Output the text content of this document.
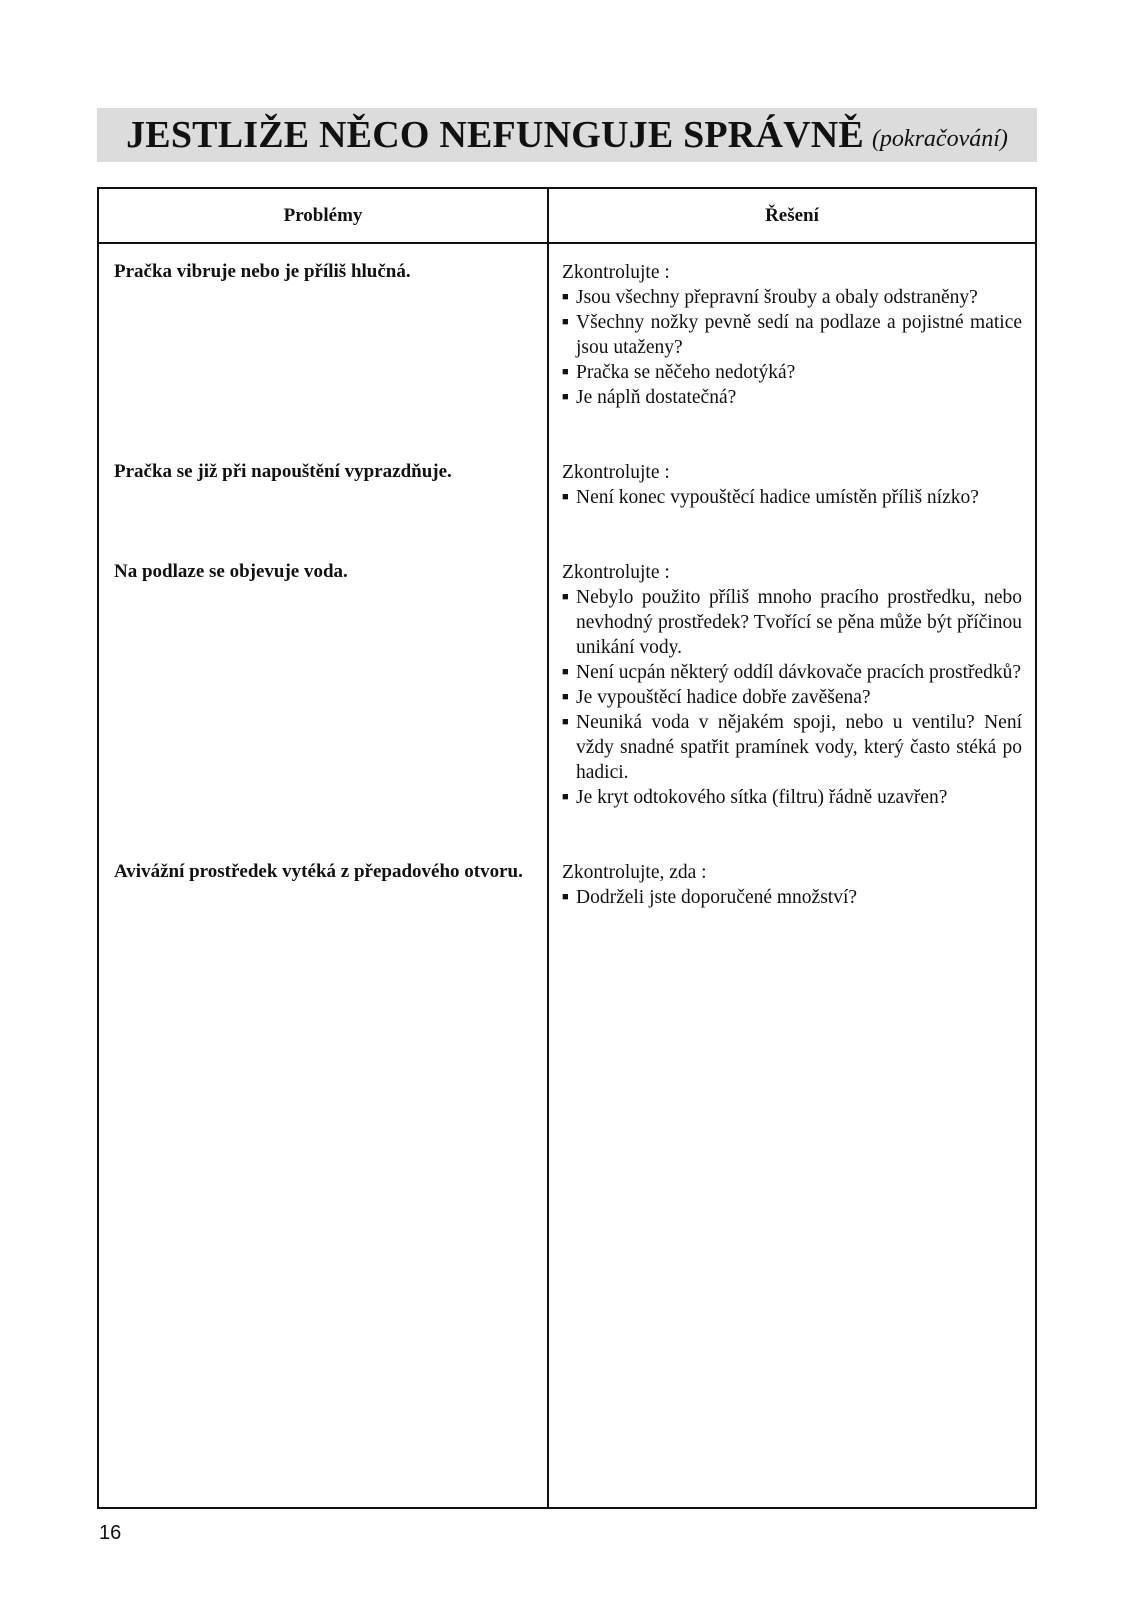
JESTLIŽE NĚCO NEFUNGUJE SPRÁVNĚ (pokračování)
Problémy	Řešení
Pračka vibruje nebo je příliš hlučná.	Zkontrolujte :

■ Jsou všechny přepravní šrouby a obaly odstraněny?
■ Všechny nožky pevně sedí na podlaze a pojistné matice jsou utaženy?
■ Pračka se něčeho nedotýká?
■ Je náplň dostatečná?
Pračka se již při napouštění vyprazdňuje.	Zkontrolujte :

■ Není konec vypouštěcí hadice umístěn příliš nízko?
Na podlaze se objevuje voda.	Zkontrolujte :

■ Nebylo použito příliš mnoho pracího prostředku, nebo nevhodný prostředek? Tvořící se pěna může být příčinou unikání vody.
■ Není ucpán některý oddíl dávkovače pracích prostředků?
■ Je vypouštěcí hadice dobře zavěšena?
■ Neuniká voda v nějakém spoji, nebo u ventilu? Není vždy snadné spatřit pramínek vody, který často stéká po hadici.
■ Je kryt odtokového sítka (filtru) řádně uzavřen?
Avivážní prostředek vytéká z přepadového otvoru.	Zkontrolujte, zda :

■ Dodrželi jste doporučené množství?
16
